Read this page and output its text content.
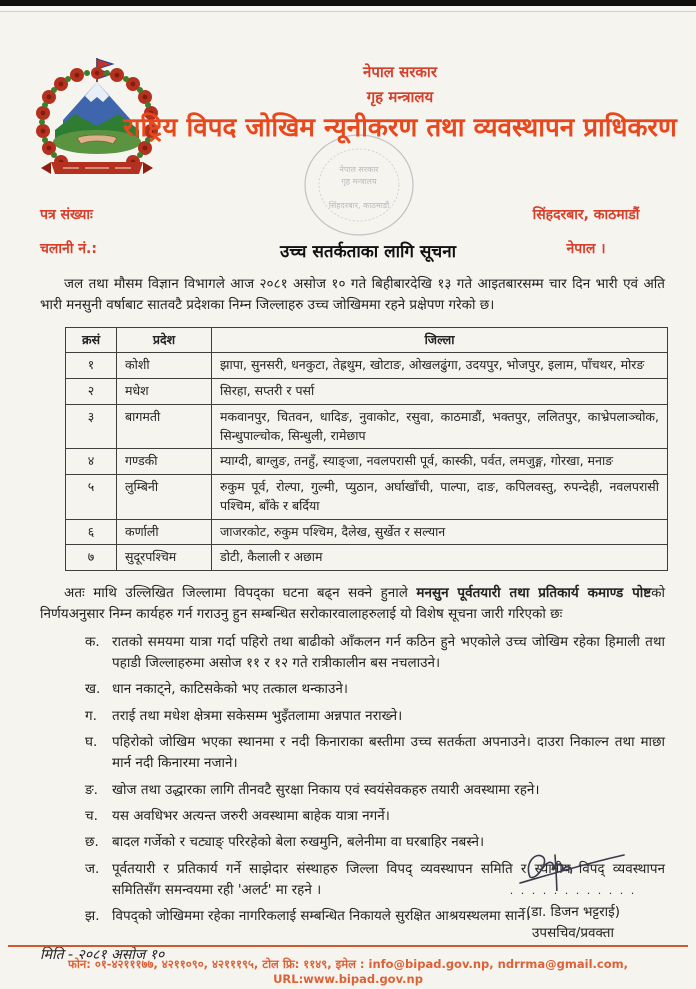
नेपाल सरकार
गृह मन्त्रालय
सिंहदरबार, काठमाडौं
नेपाल सरकार
गृह मन्त्रालय
राष्ट्रिय विपद जोखिम न्यूनीकरण तथा व्यवस्थापन प्राधिकरण
पत्र संख्याः	सिंहदरबार, काठमाडौं
चलानी नं.:	उच्च सतर्कताका लागि सूचना	नेपाल ।

जल तथा मौसम विज्ञान विभागले आज २०८१ असोज १० गते बिहीबारदेखि १३ गते आइतबारसम्म चार दिन भारी एवं अति भारी मनसुनी वर्षाबाट सातवटै प्रदेशका निम्न जिल्लाहरु उच्च जोखिममा रहने प्रक्षेपण गरेको छ।

क्रसं	प्रदेश	जिल्ला
१	कोशी	झापा, सुनसरी, धनकुटा, तेह्रथुम, खोटाङ, ओखलढुंगा, उदयपुर, भोजपुर, इलाम, पाँचथर, मोरङ
२	मधेश	सिरहा, सप्तरी र पर्सा
३	बागमती	मकवानपुर, चितवन, धादिङ, नुवाकोट, रसुवा, काठमाडौं, भक्तपुर, ललितपुर, काभ्रेपलाञ्चोक, सिन्धुपाल्चोक, सिन्धुली, रामेछाप
४	गण्डकी	म्याग्दी, बाग्लुङ, तनहुँ, स्याङ्जा, नवलपरासी पूर्व, कास्की, पर्वत, लमजुङ्ग, गोरखा, मनाङ
५	लुम्बिनी	रुकुम पूर्व, रोल्पा, गुल्मी, प्युठान, अर्घाखाँची, पाल्पा, दाङ, कपिलवस्तु, रुपन्देही, नवलपरासी पश्चिम, बाँके र बर्दिया
६	कर्णाली	जाजरकोट, रुकुम पश्चिम, दैलेख, सुर्खेत र सल्यान
७	सुदूरपश्चिम	डोटी, कैलाली र अछाम

अतः माथि उल्लिखित जिल्लामा विपद्का घटना बढ्न सक्ने हुनाले मनसुन पूर्वतयारी तथा प्रतिकार्य कमाण्ड पोष्टको निर्णयअनुसार निम्न कार्यहरु गर्न गराउनु हुन सम्बन्धित सरोकारवालाहरुलाई यो विशेष सूचना जारी गरिएको छः

क. रातको समयमा यात्रा गर्दा पहिरो तथा बाढीको आँकलन गर्न कठिन हुने भएकोले उच्च जोखिम रहेका हिमाली तथा पहाडी जिल्लाहरुमा असोज ११ र १२ गते रात्रीकालीन बस नचलाउने।
ख. धान नकाट्ने, काटिसकेको भए तत्काल थन्काउने।
ग.	तराई तथा मधेश क्षेत्रमा सकेसम्म भुइँतलामा अन्नपात नराख्ने।
घ.	पहिरोको जोखिम भएका स्थानमा र नदी किनाराका बस्तीमा उच्च सतर्कता अपनाउने। दाउरा निकाल्न तथा माछा मार्न नदी किनारमा नजाने।
ङ.	खोज तथा उद्धारका लागि तीनवटै सुरक्षा निकाय एवं स्वयंसेवकहरु तयारी अवस्थामा रहने।
च.	यस अवधिभर अत्यन्त जरुरी अवस्थामा बाहेक यात्रा नगर्ने।
छ. बादल गर्जेको र चट्याङ् परिरहेको बेला रुखमुनि, बलेनीमा वा घरबाहिर नबस्ने।
ज. पूर्वतयारी र प्रतिकार्य गर्ने साझेदार संस्थाहरु जिल्ला विपद् व्यवस्थापन समिति र स्थानीय विपद् व्यवस्थापन समितिसँग समन्वयमा रही 'अलर्ट' मा रहने ।
झ. विपद्को जोखिममा रहेका नागरिकलाई सम्बन्धित निकायले सुरक्षित आश्रयस्थलमा सार्ने।
मिति - २०८१ असोज १०
. . . . . . . . . . . .
(डा. डिजन भट्टराई)
उपसचिव/प्रवक्ता
फोन: ०१-४२१११७७, ४२११०९०, ४२१११९५, टोल फ्रि: ११४९, इमेल : info@bipad.gov.np, ndrrma@gmail.com, URL:www.bipad.gov.np
